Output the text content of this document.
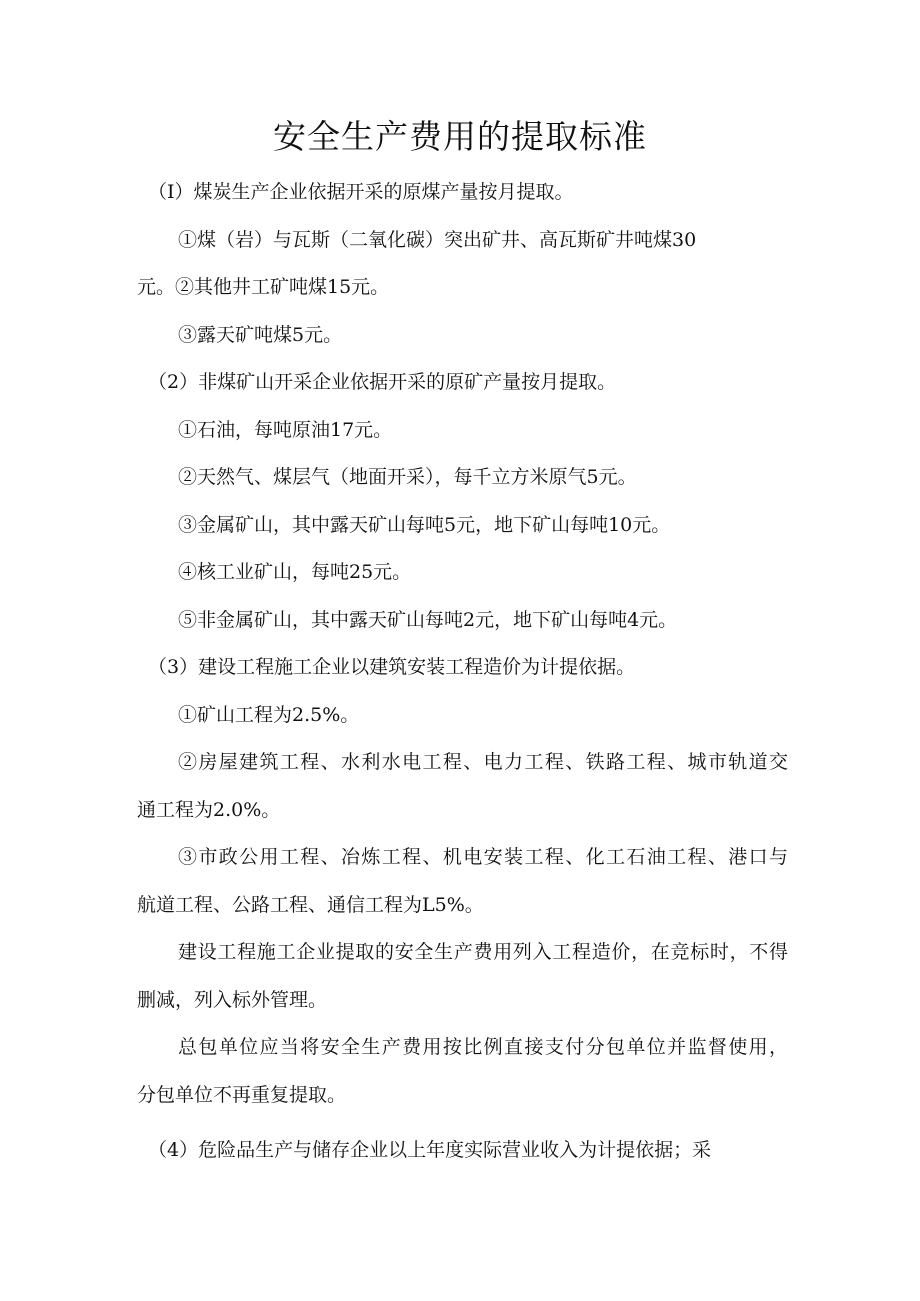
安全生产费用的提取标准
（I）煤炭生产企业依据开采的原煤产量按月提取。
①煤（岩）与瓦斯（二氧化碳）突出矿井、高瓦斯矿井吨煤30
元。②其他井工矿吨煤15元。
③露天矿吨煤5元。
（2）非煤矿山开采企业依据开采的原矿产量按月提取。
①石油，每吨原油17元。
②天然气、煤层气（地面开采），每千立方米原气5元。
③金属矿山，其中露天矿山每吨5元，地下矿山每吨10元。
④核工业矿山，每吨25元。
⑤非金属矿山，其中露天矿山每吨2元，地下矿山每吨4元。
（3）建设工程施工企业以建筑安装工程造价为计提依据。
①矿山工程为2.5%。
②房屋建筑工程、水利水电工程、电力工程、铁路工程、城市轨道交
通工程为2.0%。
③市政公用工程、冶炼工程、机电安装工程、化工石油工程、港口与
航道工程、公路工程、通信工程为L5%。
建设工程施工企业提取的安全生产费用列入工程造价，在竞标时，不得
删减，列入标外管理。
总包单位应当将安全生产费用按比例直接支付分包单位并监督使用，
分包单位不再重复提取。
（4）危险品生产与储存企业以上年度实际营业收入为计提依据；采
